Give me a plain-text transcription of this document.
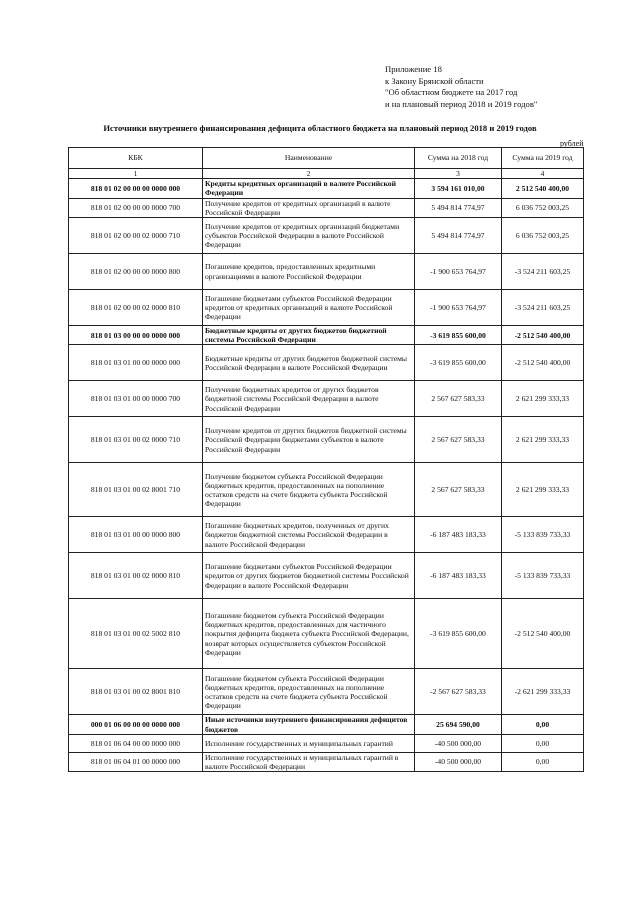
Приложение 18
к Закону Брянской области
"Об областном бюджете на 2017 год
и на плановый период 2018 и 2019 годов"
Источники внутреннего финансирования дефицита областного бюджета на плановый период 2018 и 2019 годов
рублей
КБК	Наименование	Сумма на 2018 год	Сумма на 2019 год
1	2	3	4
818 01 02 00 00 00 0000 000	Кредиты кредитных организаций в валюте Российской Федерации	3 594 161 010,00	2 512 540 400,00
818 01 02 00 00 00 0000 700	Получение кредитов от кредитных организаций в валюте Российской Федерации	5 494 814 774,97	6 036 752 003,25
818 01 02 00 00 02 0000 710	Получение кредитов от кредитных организаций бюджетами субъектов Российской Федерации в валюте Российской Федерации	5 494 814 774,97	6 036 752 003,25
818 01 02 00 00 00 0000 800	Погашение кредитов, предоставленных кредитными организациями в валюте Российской Федерации	-1 900 653 764,97	-3 524 211 603,25
818 01 02 00 00 02 0000 810	Погашение бюджетами субъектов Российской Федерации кредитов от кредитных организаций в валюте Российской Федерации	-1 900 653 764,97	-3 524 211 603,25
818 01 03 00 00 00 0000 000	Бюджетные кредиты от других бюджетов бюджетной системы Российской Федерации	-3 619 855 600,00	-2 512 540 400,00
818 01 03 01 00 00 0000 000	Бюджетные кредиты от других бюджетов бюджетной системы Российской Федерации в валюте Российской Федерации	-3 619 855 600,00	-2 512 540 400,00
818 01 03 01 00 00 0000 700	Получение бюджетных кредитов от других бюджетов бюджетной системы Российской Федерации в валюте Российской Федерации	2 567 627 583,33	2 621 299 333,33
818 01 03 01 00 02 0000 710	Получение кредитов от других бюджетов бюджетной системы Российской Федерации бюджетами субъектов в валюте Российской Федерации	2 567 627 583,33	2 621 299 333,33
818 01 03 01 00 02 8001 710	Получение бюджетом субъекта Российской Федерации бюджетных кредитов, предоставленных на пополнение остатков средств на счете бюджета субъекта Российской Федерации	2 567 627 583,33	2 621 299 333,33
818 01 03 01 00 00 0000 800	Погашение бюджетных кредитов, полученных от других бюджетов бюджетной системы Российской Федерации в валюте Российской Федерации	-6 187 483 183,33	-5 133 839 733,33
818 01 03 01 00 02 0000 810	Погашение бюджетами субъектов Российской Федерации кредитов от других бюджетов бюджетной системы Российской Федерации в валюте Российской Федерации	-6 187 483 183,33	-5 133 839 733,33
818 01 03 01 00 02 5002 810	Погашение бюджетом субъекта Российской Федерации бюджетных кредитов, предоставленных для частичного покрытия дефицита бюджета субъекта Российской Федерации, возврат которых осуществляется субъектом Российской Федерации	-3 619 855 600,00	-2 512 540 400,00
818 01 03 01 00 02 8001 810	Погашение бюджетом субъекта Российской Федерации бюджетных кредитов, предоставленных на пополнение остатков средств на счете бюджета субъекта Российской Федерации	-2 567 627 583,33	-2 621 299 333,33
000 01 06 00 00 00 0000 000	Иные источники внутреннего финансирования дефицитов бюджетов	25 694 590,00	0,00
818 01 06 04 00 00 0000 000	Исполнение государственных и муниципальных гарантий	-40 500 000,00	0,00
818 01 06 04 01 00 0000 000	Исполнение государственных и муниципальных гарантий в валюте Российской Федерации	-40 500 000,00	0,00
